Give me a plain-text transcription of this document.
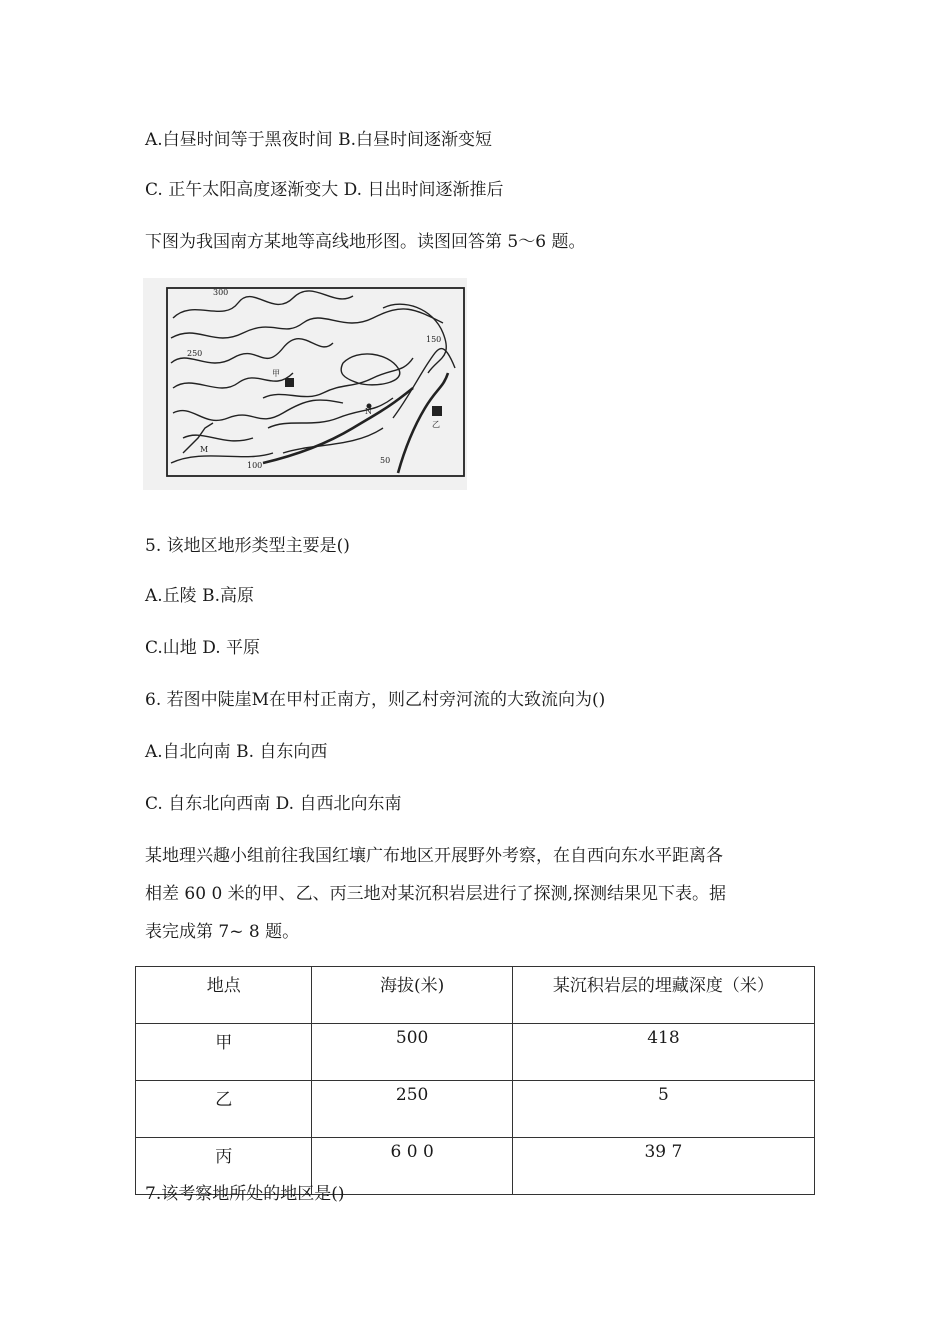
A.白昼时间等于黑夜时间 B.白昼时间逐渐变短
C. 正午太阳高度逐渐变大 D. 日出时间逐渐推后
下图为我国南方某地等高线地形图。读图回答第 5～6 题。
300
250
150
100
50
甲
乙
M
N
5. 该地区地形类型主要是()
A.丘陵 B.高原
C.山地 D. 平原
6. 若图中陡崖M在甲村正南方，则乙村旁河流的大致流向为()
A.自北向南 B. 自东向西
C. 自东北向西南 D. 自西北向东南
某地理兴趣小组前往我国红壤广布地区开展野外考察，在自西向东水平距离各
相差 60 0 米的甲、乙、丙三地对某沉积岩层进行了探测,探测结果见下表。据
表完成第 7~ 8 题。
地点	海拔(米)	某沉积岩层的埋藏深度（米）
甲	500	418
乙	250	5
丙	6 0 0	39 7
7.该考察地所处的地区是()
